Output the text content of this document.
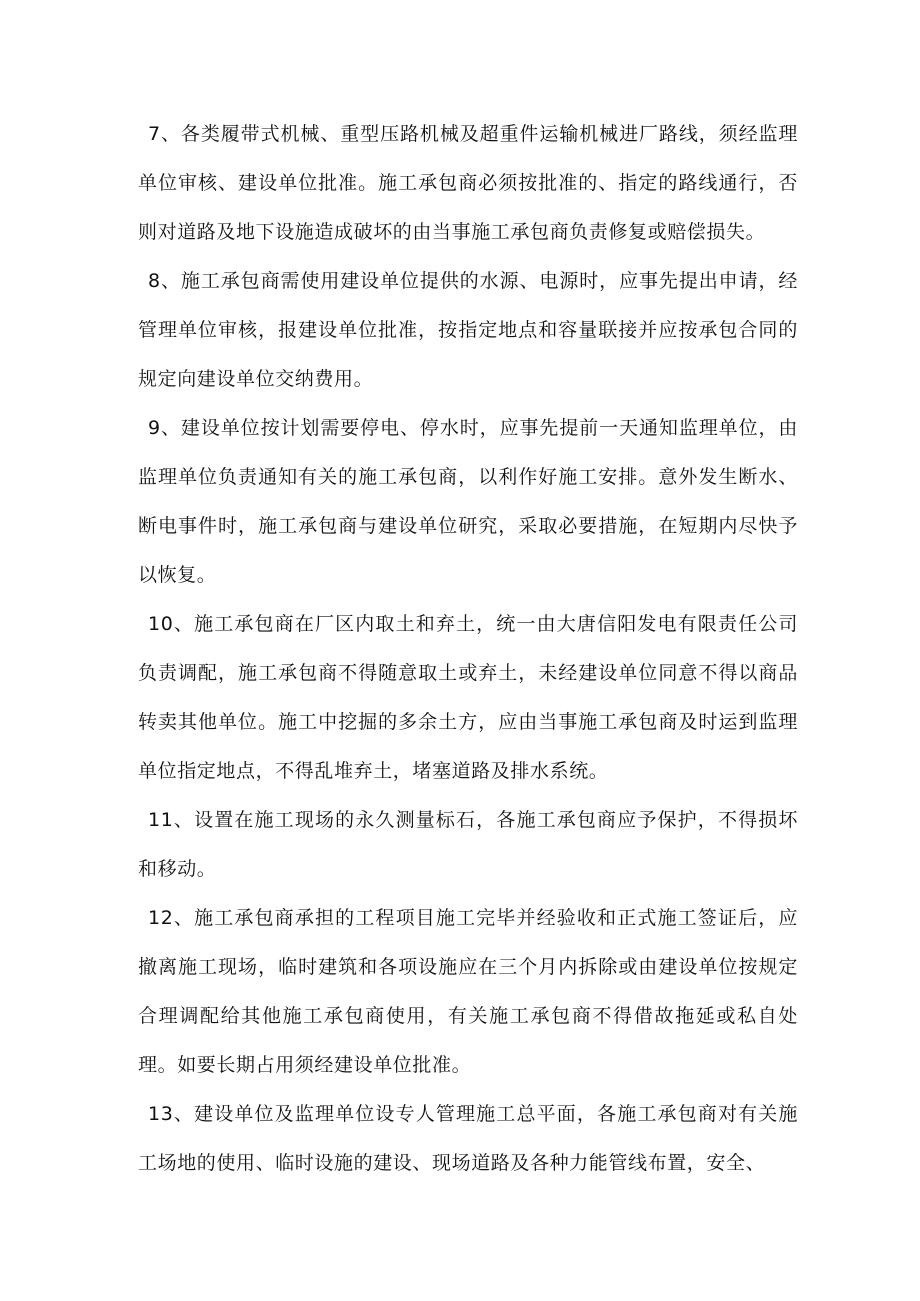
7、各类履带式机械、重型压路机械及超重件运输机械进厂路线，须经监理单位审核、建设单位批准。施工承包商必须按批准的、指定的路线通行，否则对道路及地下设施造成破坏的由当事施工承包商负责修复或赔偿损失。

8、施工承包商需使用建设单位提供的水源、电源时，应事先提出申请，经管理单位审核，报建设单位批准，按指定地点和容量联接并应按承包合同的规定向建设单位交纳费用。

9、建设单位按计划需要停电、停水时，应事先提前一天通知监理单位，由监理单位负责通知有关的施工承包商，以利作好施工安排。意外发生断水、断电事件时，施工承包商与建设单位研究，采取必要措施，在短期内尽快予以恢复。

10、施工承包商在厂区内取土和弃土，统一由大唐信阳发电有限责任公司负责调配，施工承包商不得随意取土或弃土，未经建设单位同意不得以商品转卖其他单位。施工中挖掘的多余土方，应由当事施工承包商及时运到监理单位指定地点，不得乱堆弃土，堵塞道路及排水系统。

11、设置在施工现场的永久测量标石，各施工承包商应予保护，不得损坏和移动。

12、施工承包商承担的工程项目施工完毕并经验收和正式施工签证后，应撤离施工现场，临时建筑和各项设施应在三个月内拆除或由建设单位按规定合理调配给其他施工承包商使用，有关施工承包商不得借故拖延或私自处理。如要长期占用须经建设单位批准。

13、建设单位及监理单位设专人管理施工总平面，各施工承包商对有关施工场地的使用、临时设施的建设、现场道路及各种力能管线布置，安全、
